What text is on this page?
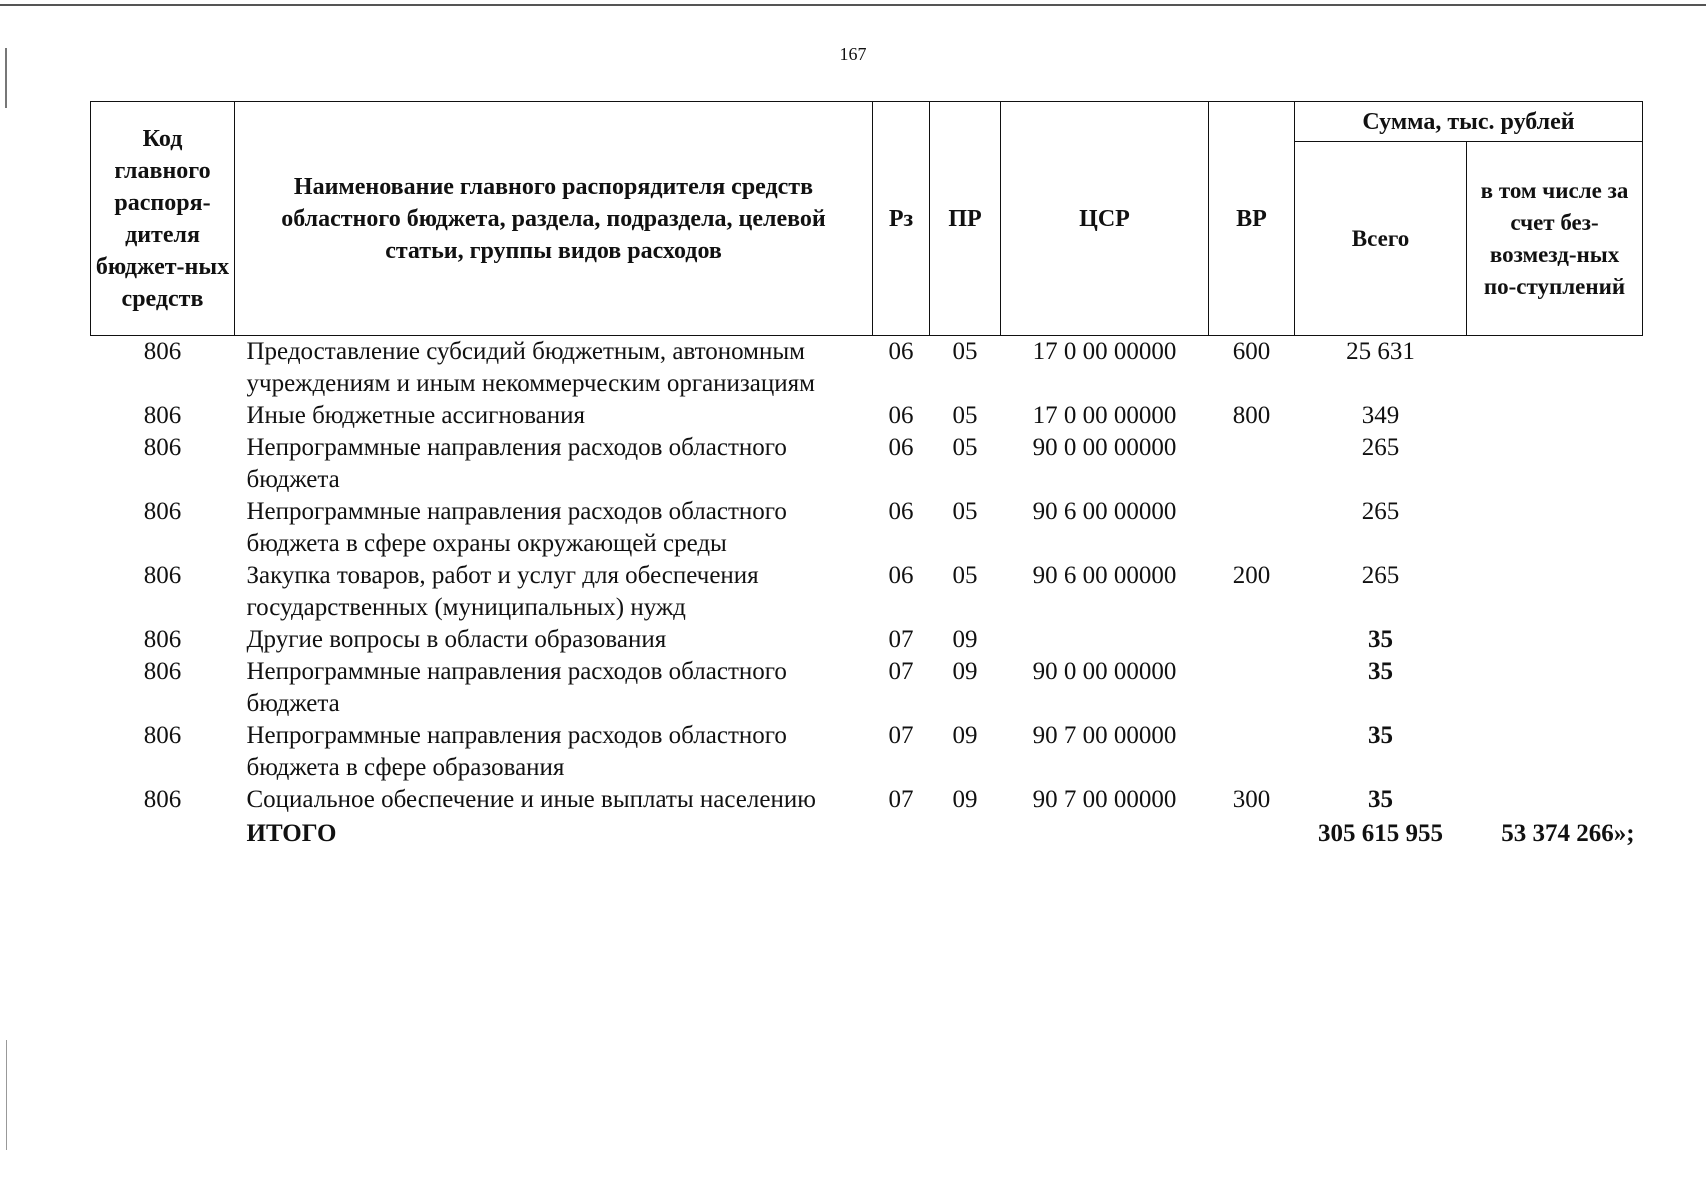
167
Код главного распоря-дителя бюджет-ных средств	Наименование главного распорядителя средств областного бюджета, раздела, подраздела, целевой статьи, группы видов расходов	Рз	ПР	ЦСР	ВР	Сумма, тыс. рублей	
						Всего	в том числе за счет без-возмезд-ных по-ступлений
806	Предоставление субсидий бюджетным, автономным учреждениям и иным некоммерческим организациям	06	05	17 0 00 00000	600	25 631	
806	Иные бюджетные ассигнования	06	05	17 0 00 00000	800	349	
806	Непрограммные направления расходов областного бюджета	06	05	90 0 00 00000		265	
806	Непрограммные направления расходов областного бюджета в сфере охраны окружающей среды	06	05	90 6 00 00000		265	
806	Закупка товаров, работ и услуг для обеспечения государственных (муниципальных) нужд	06	05	90 6 00 00000	200	265	
806	Другие вопросы в области образования	07	09			35	
806	Непрограммные направления расходов областного бюджета	07	09	90 0 00 00000		35	
806	Непрограммные направления расходов областного бюджета в сфере образования	07	09	90 7 00 00000		35	
806	Социальное обеспечение и иные выплаты населению	07	09	90 7 00 00000	300	35	
	ИТОГО					305 615 955	53 374 266»;
